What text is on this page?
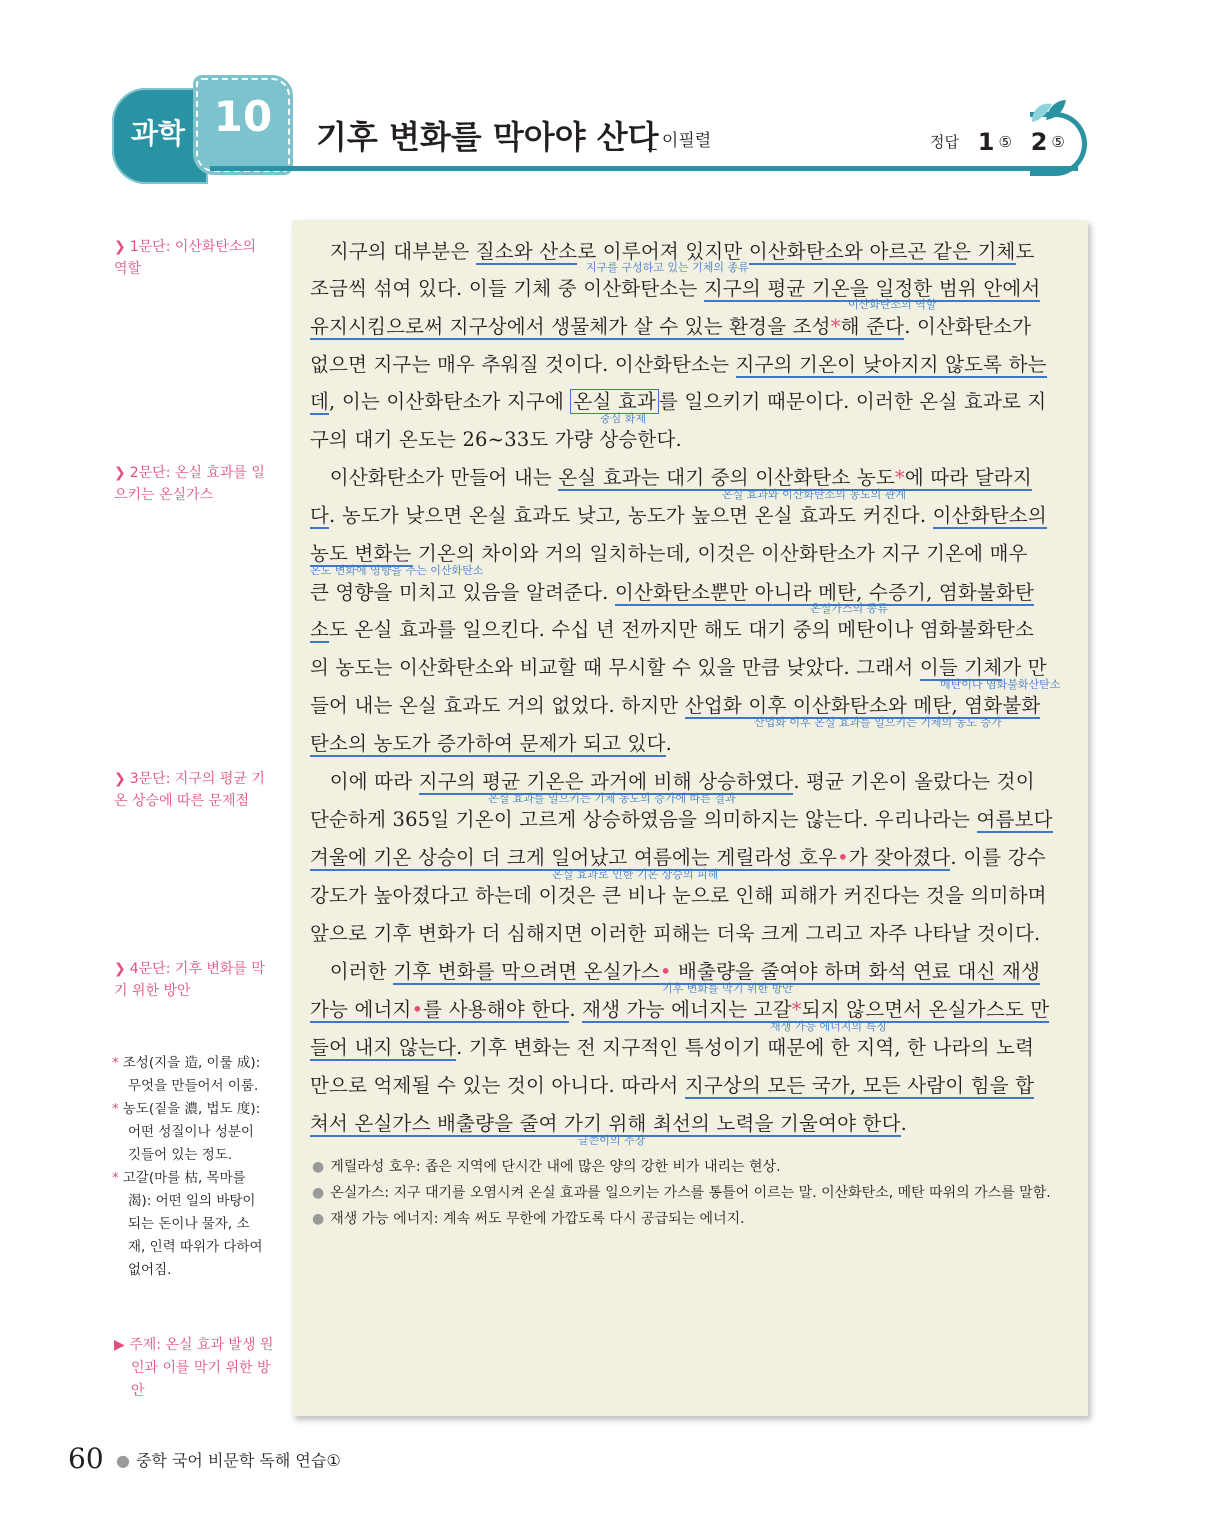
과학 10	기후 변화를 막아야 산다
_ 이필렬	정답 1 ⑤ 2 ⑤
❯ 1문단: 이산화탄소의 역할
❯ 2문단: 온실 효과를 일으키는 온실가스
❯ 3문단: 지구의 평균 기온 상승에 따른 문제점
❯ 4문단: 기후 변화를 막기 위한 방안
* 조성(지을 造, 이룰 成): 무엇을 만들어서 이룸.
* 농도(짙을 濃, 법도 度): 어떤 성질이나 성분이 깃들어 있는 정도.
* 고갈(마를 枯, 목마를 渴): 어떤 일의 바탕이 되는 돈이나 물자, 소재, 인력 따위가 다하여 없어짐.
▶ 주제: 온실 효과 발생 원인과 이를 막기 위한 방안
　지구의 대부분은 질소와 산소로 이루어져 있지만 이산화탄소와 아르곤 같은 기체도
지구를 구성하고 있는 기체의 종류
조금씩 섞여 있다. 이들 기체 중 이산화탄소는 지구의 평균 기온을 일정한 범위 안에서
이산화탄소의 역할
유지시킴으로써 지구상에서 생물체가 살 수 있는 환경을 조성*해 준다. 이산화탄소가
없으면 지구는 매우 추워질 것이다. 이산화탄소는 지구의 기온이 낮아지지 않도록 하는
데, 이는 이산화탄소가 지구에 온실 효과 를 일으키기 때문이다. 이러한 온실 효과로 지
중심 화제
구의 대기 온도는 26~33도 가량 상승한다.
　이산화탄소가 만들어 내는 온실 효과는 대기 중의 이산화탄소 농도*에 따라 달라지
온실 효과와 이산화탄소의 농도의 관계
다. 농도가 낮으면 온실 효과도 낮고, 농도가 높으면 온실 효과도 커진다. 이산화탄소의
농도 변화는 기온의 차이와 거의 일치하는데, 이것은 이산화탄소가 지구 기온에 매우
온도 변화에 영향을 주는 이산화탄소
큰 영향을 미치고 있음을 알려준다. 이산화탄소뿐만 아니라 메탄, 수증기, 염화불화탄
온실가스의 종류
소도 온실 효과를 일으킨다. 수십 년 전까지만 해도 대기 중의 메탄이나 염화불화탄소
의 농도는 이산화탄소와 비교할 때 무시할 수 있을 만큼 낮았다. 그래서 이들 기체가 만
메탄이나 염화불화산탄소
들어 내는 온실 효과도 거의 없었다. 하지만 산업화 이후 이산화탄소와 메탄, 염화불화
산업화 이후 온실 효과를 일으키는 기체의 농도 증가
탄소의 농도가 증가하여 문제가 되고 있다.
　이에 따라 지구의 평균 기온은 과거에 비해 상승하였다. 평균 기온이 올랐다는 것이
온실 효과를 일으키는 기체 농도의 증가에 따른 결과
단순하게 365일 기온이 고르게 상승하였음을 의미하지는 않는다. 우리나라는 여름보다
겨울에 기온 상승이 더 크게 일어났고 여름에는 게릴라성 호우•가 잦아졌다. 이를 강수
온실 효과로 인한 기온 상승의 피해
강도가 높아졌다고 하는데 이것은 큰 비나 눈으로 인해 피해가 커진다는 것을 의미하며
앞으로 기후 변화가 더 심해지면 이러한 피해는 더욱 크게 그리고 자주 나타날 것이다.
　이러한 기후 변화를 막으려면 온실가스• 배출량을 줄여야 하며 화석 연료 대신 재생
기후 변화를 막기 위한 방안
가능 에너지•를 사용해야 한다. 재생 가능 에너지는 고갈*되지 않으면서 온실가스도 만
재생 가능 에너지의 특징
들어 내지 않는다. 기후 변화는 전 지구적인 특성이기 때문에 한 지역, 한 나라의 노력
만으로 억제될 수 있는 것이 아니다. 따라서 지구상의 모든 국가, 모든 사람이 힘을 합
쳐서 온실가스 배출량을 줄여 가기 위해 최선의 노력을 기울여야 한다.
글쓴이의 주장
● 게릴라성 호우: 좁은 지역에 단시간 내에 많은 양의 강한 비가 내리는 현상.
● 온실가스: 지구 대기를 오염시켜 온실 효과를 일으키는 가스를 통틀어 이르는 말. 이산화탄소, 메탄 따위의 가스를 말함.
● 재생 가능 에너지: 계속 써도 무한에 가깝도록 다시 공급되는 에너지.
60 ● 중학 국어 비문학 독해 연습①
